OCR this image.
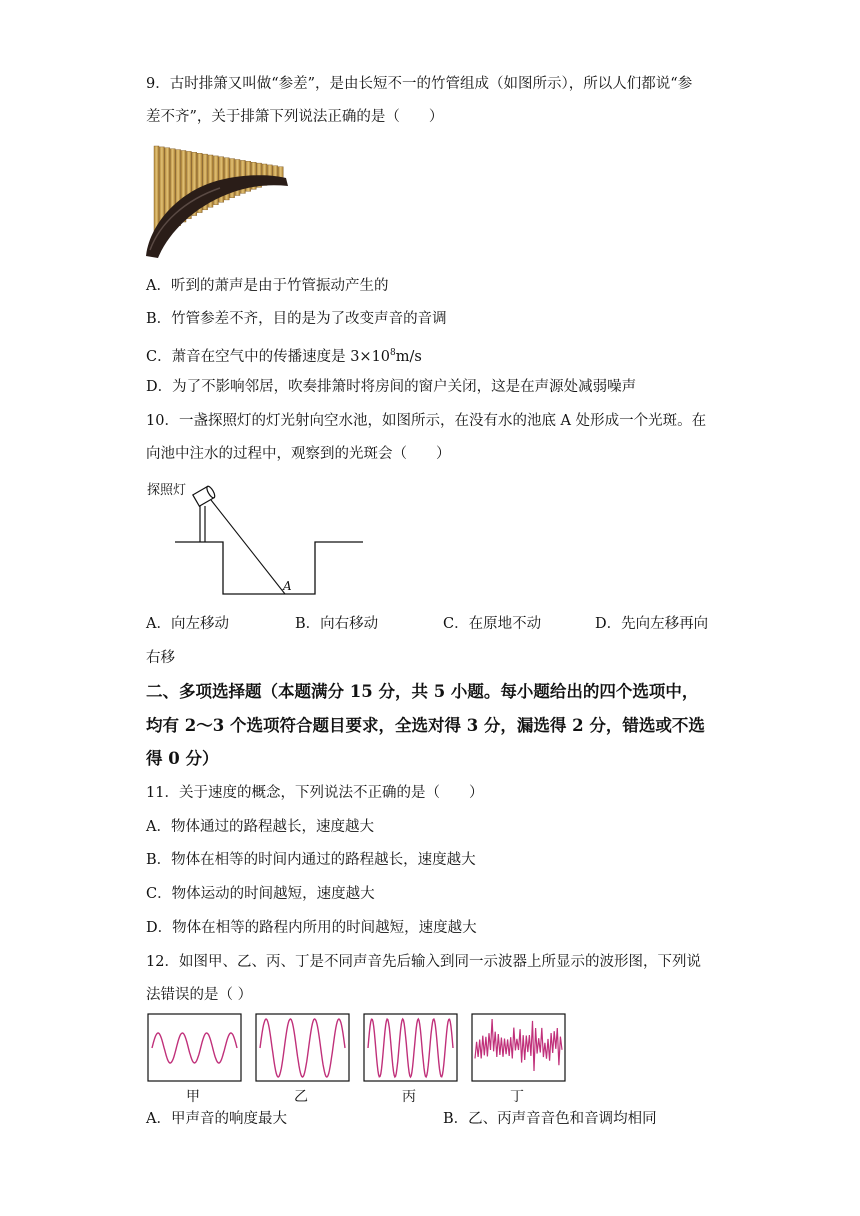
9．古时排箫又叫做“参差”，是由长短不一的竹管组成（如图所示），所以人们都说“参
差不齐”，关于排箫下列说法正确的是（　　）
A．听到的萧声是由于竹管振动产生的
B．竹管参差不齐，目的是为了改变声音的音调
C．萧音在空气中的传播速度是 $3\times 10^8m/s$
D．为了不影响邻居，吹奏排箫时将房间的窗户关闭，这是在声源处减弱噪声
10．一盏探照灯的灯光射向空水池，如图所示，在没有水的池底 A 处形成一个光斑。在
向池中注水的过程中，观察到的光斑会（　　）
探照灯
A
A．向左移动	B．向右移动	C．在原地不动	D．先向左移再向
右移
二、多项选择题（本题满分 15 分，共 5 小题。每小题给出的四个选项中，
均有 2～3 个选项符合题目要求，全选对得 3 分，漏选得 2 分，错选或不选
得 0 分）
11．关于速度的概念，下列说法不正确的是（　　）
A．物体通过的路程越长，速度越大
B．物体在相等的时间内通过的路程越长，速度越大
C．物体运动的时间越短，速度越大
D．物体在相等的路程内所用的时间越短，速度越大
12．如图甲、乙、丙、丁是不同声音先后输入到同一示波器上所显示的波形图，下列说
法错误的是（ ）
甲	乙	丙	丁
A．甲声音的响度最大	B．乙、丙声音音色和音调均相同
